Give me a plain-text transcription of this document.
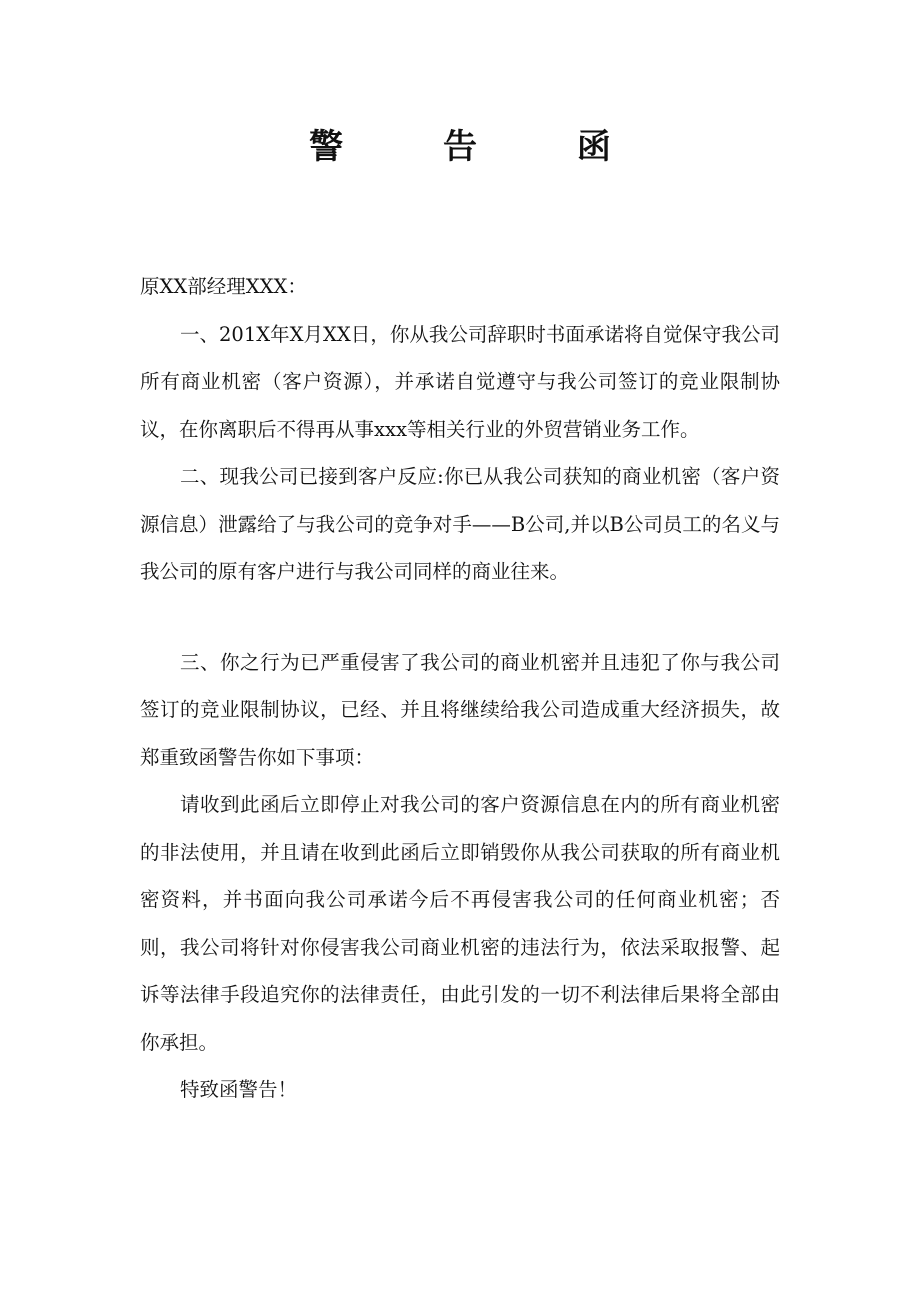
警 告 函

原XX部经理XXX：

一、201X年X月XX日，你从我公司辞职时书面承诺将自觉保守我公司所有商业机密（客户资源），并承诺自觉遵守与我公司签订的竞业限制协议，在你离职后不得再从事xxx等相关行业的外贸营销业务工作。

二、现我公司已接到客户反应:你已从我公司获知的商业机密（客户资源信息）泄露给了与我公司的竞争对手——B公司,并以B公司员工的名义与我公司的原有客户进行与我公司同样的商业往来。

三、你之行为已严重侵害了我公司的商业机密并且违犯了你与我公司签订的竞业限制协议，已经、并且将继续给我公司造成重大经济损失，故郑重致函警告你如下事项：

请收到此函后立即停止对我公司的客户资源信息在内的所有商业机密的非法使用，并且请在收到此函后立即销毁你从我公司获取的所有商业机密资料，并书面向我公司承诺今后不再侵害我公司的任何商业机密；否则，我公司将针对你侵害我公司商业机密的违法行为，依法采取报警、起诉等法律手段追究你的法律责任，由此引发的一切不利法律后果将全部由你承担。

特致函警告！
